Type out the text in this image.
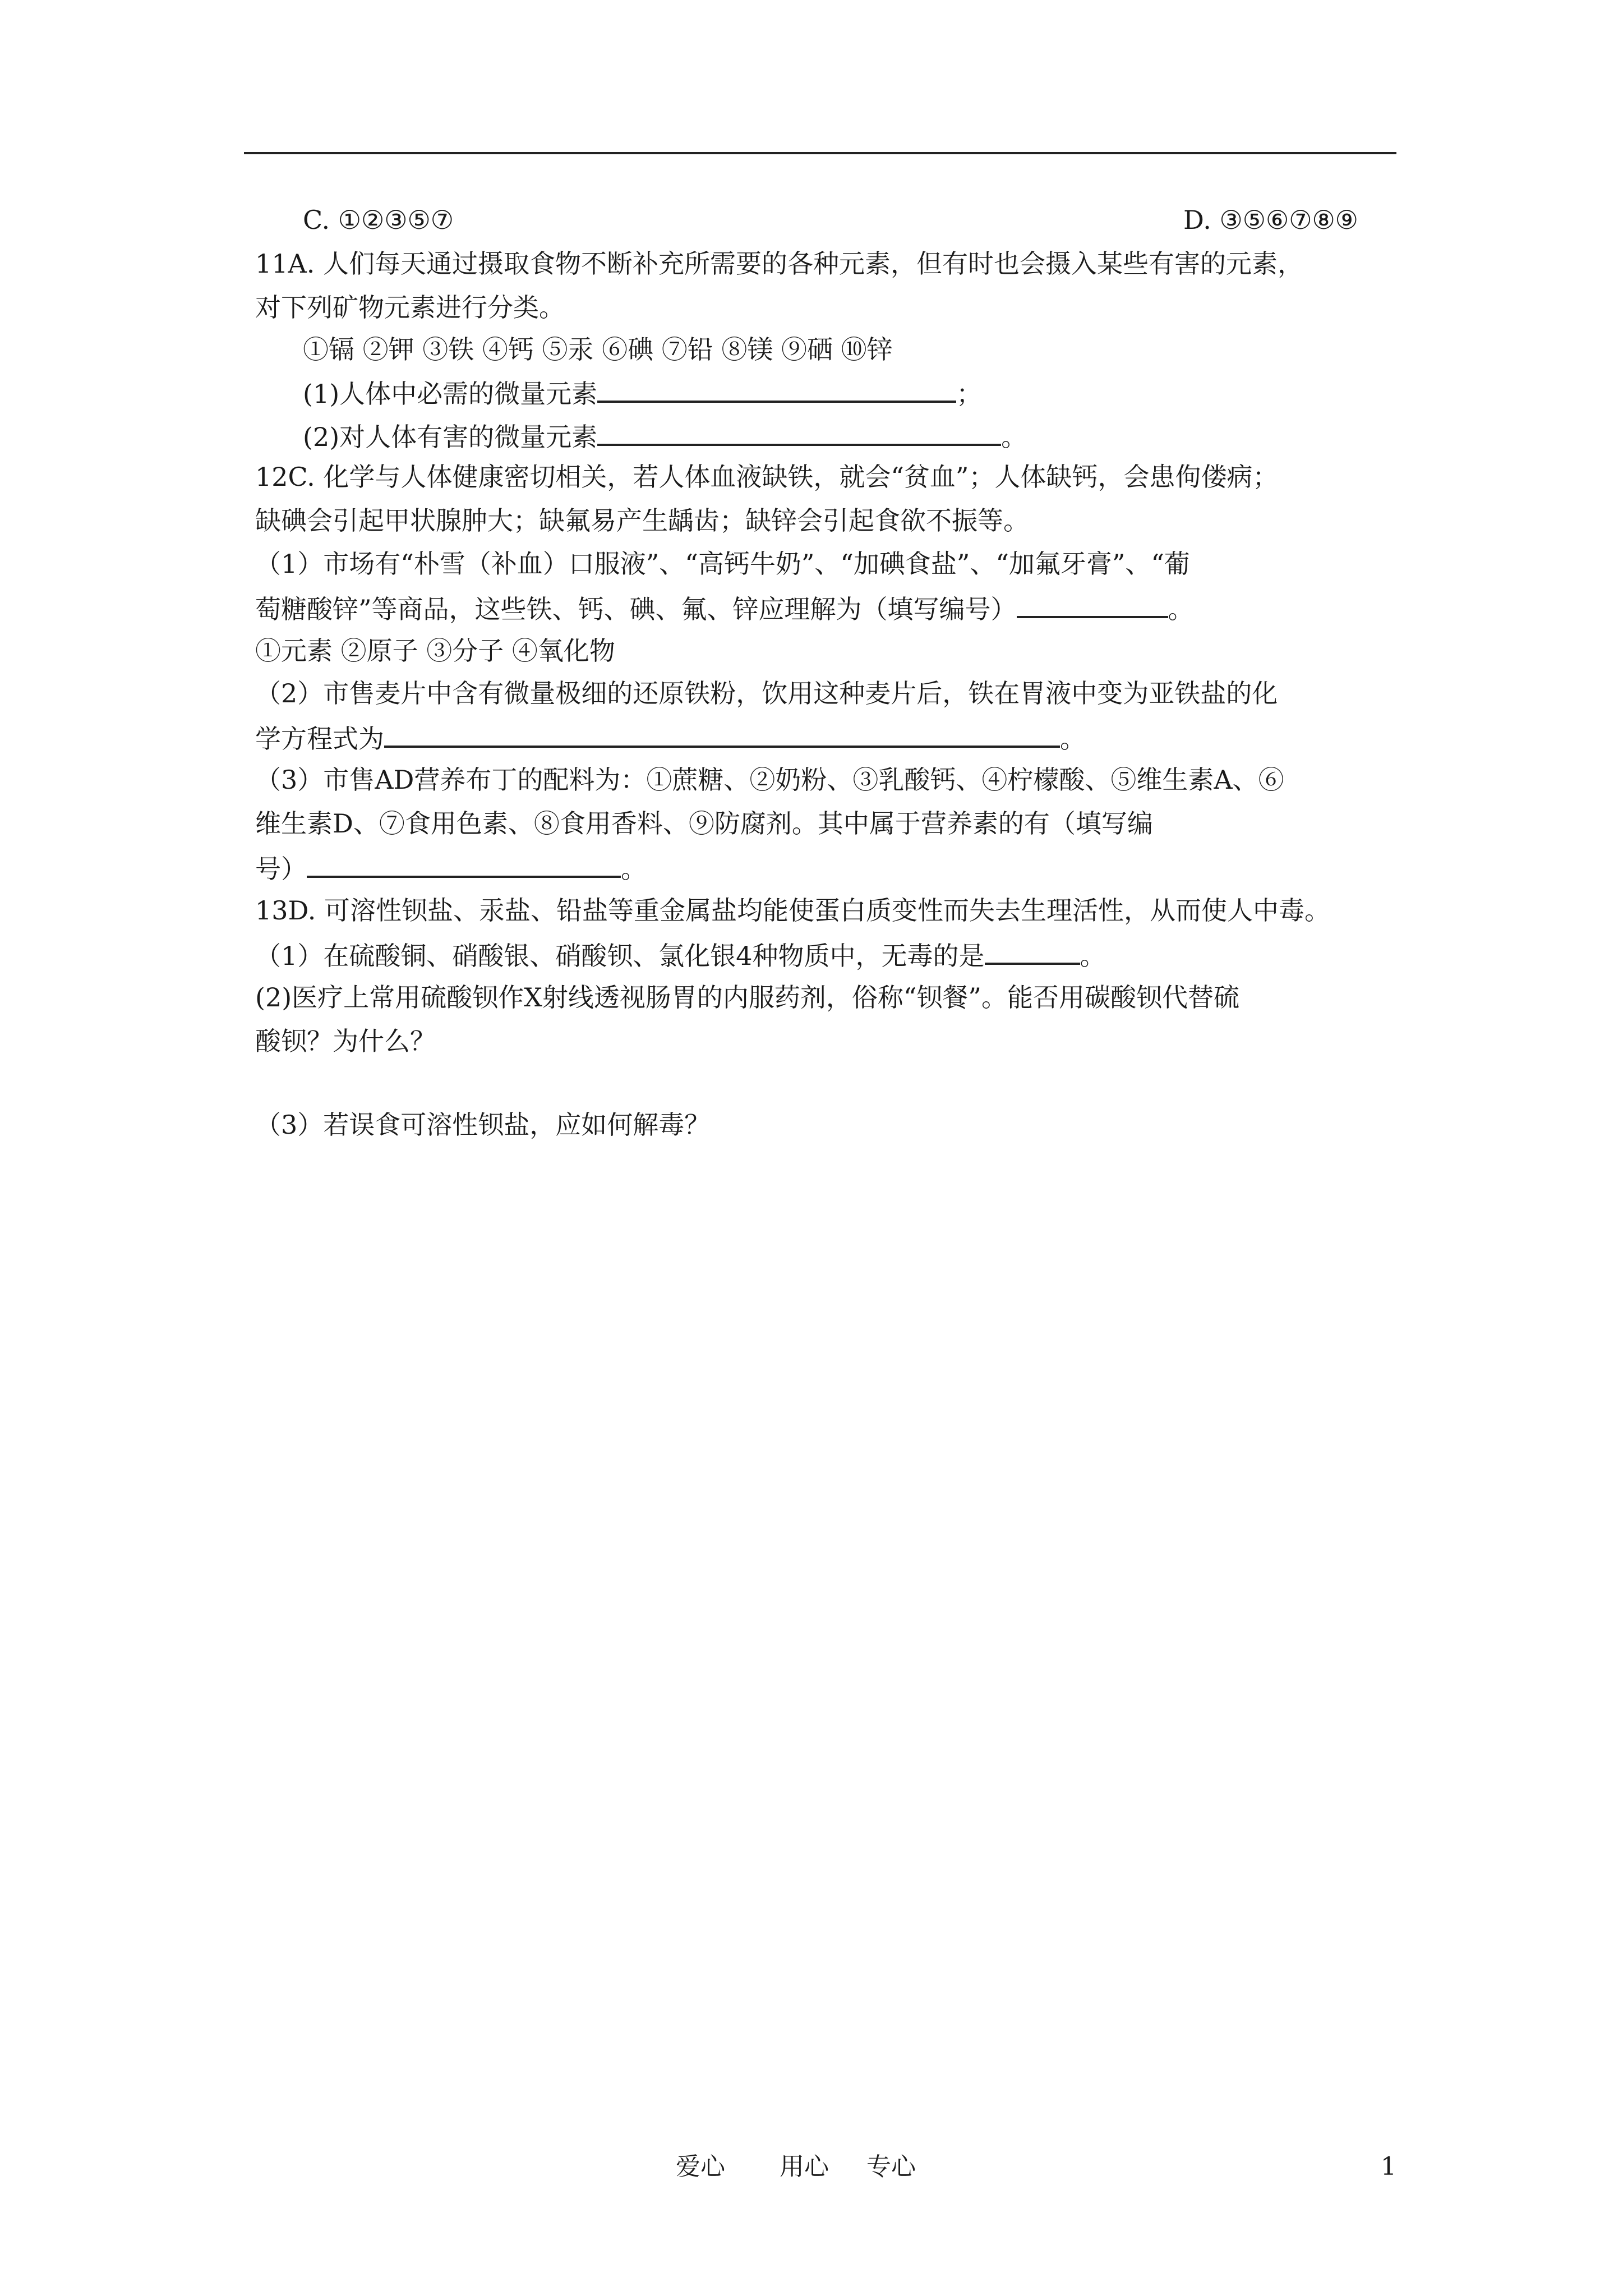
C. ①②③⑤⑦	D. ③⑤⑥⑦⑧⑨
11A. 人们每天通过摄取食物不断补充所需要的各种元素，但有时也会摄入某些有害的元素，
对下列矿物元素进行分类。
①镉 ②钾 ③铁 ④钙 ⑤汞 ⑥碘 ⑦铅 ⑧镁 ⑨硒 ⑩锌
(1)人体中必需的微量元素	；
(2)对人体有害的微量元素	。
12C. 化学与人体健康密切相关，若人体血液缺铁，就会“贫血”；人体缺钙，会患佝偻病；
缺碘会引起甲状腺肿大；缺氟易产生龋齿；缺锌会引起食欲不振等。
（1）市场有“朴雪（补血）口服液”、“高钙牛奶”、“加碘食盐”、“加氟牙膏”、“葡
萄糖酸锌”等商品，这些铁、钙、碘、氟、锌应理解为（填写编号）	。
①元素 ②原子 ③分子 ④氧化物
（2）市售麦片中含有微量极细的还原铁粉，饮用这种麦片后，铁在胃液中变为亚铁盐的化
学方程式为	。
（3）市售AD营养布丁的配料为：①蔗糖、②奶粉、③乳酸钙、④柠檬酸、⑤维生素A、⑥
维生素D、⑦食用色素、⑧食用香料、⑨防腐剂。其中属于营养素的有（填写编
号）	。
13D. 可溶性钡盐、汞盐、铅盐等重金属盐均能使蛋白质变性而失去生理活性，从而使人中毒。
（1）在硫酸铜、硝酸银、硝酸钡、氯化银4种物质中，无毒的是	。
(2)医疗上常用硫酸钡作X射线透视肠胃的内服药剂，俗称“钡餐”。能否用碳酸钡代替硫
酸钡？为什么？
（3）若误食可溶性钡盐，应如何解毒？
爱心 用心 专心	1
